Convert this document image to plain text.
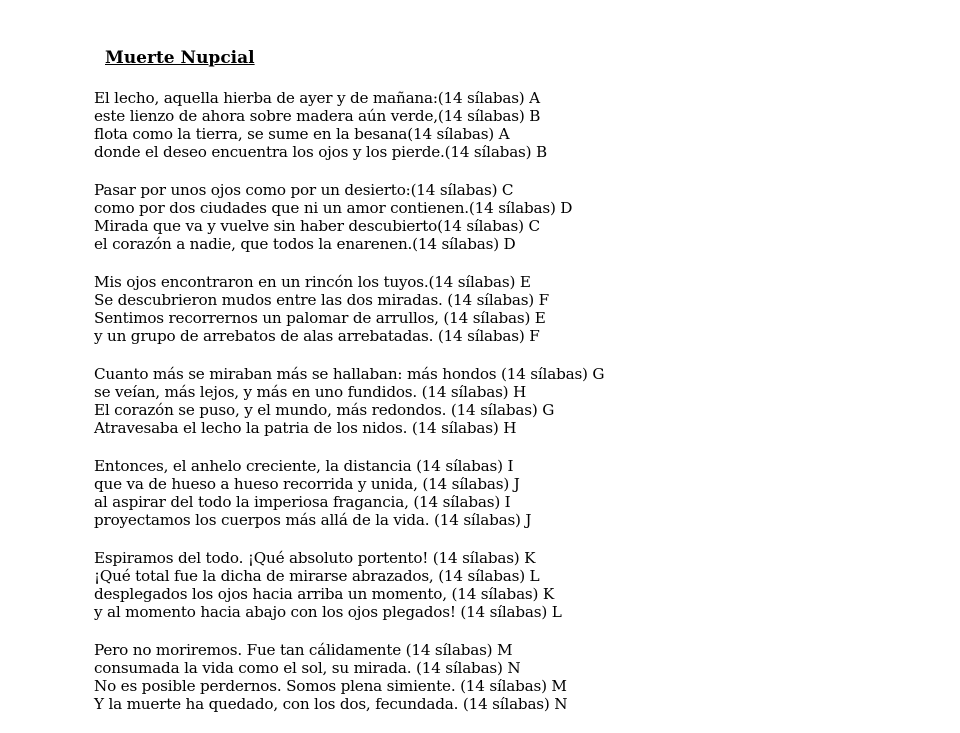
Muerte Nupcial
El lecho, aquella hierba de ayer y de mañana:(14 sílabas) A
este lienzo de ahora sobre madera aún verde,(14 sílabas) B
flota como la tierra, se sume en la besana(14 sílabas) A
donde el deseo encuentra los ojos y los pierde.(14 sílabas) B
Pasar por unos ojos como por un desierto:(14 sílabas) C
como por dos ciudades que ni un amor contienen.(14 sílabas) D
Mirada que va y vuelve sin haber descubierto(14 sílabas) C
el corazón a nadie, que todos la enarenen.(14 sílabas) D
Mis ojos encontraron en un rincón los tuyos.(14 sílabas) E
Se descubrieron mudos entre las dos miradas. (14 sílabas) F
Sentimos recorrernos un palomar de arrullos, (14 sílabas) E
y un grupo de arrebatos de alas arrebatadas. (14 sílabas) F
Cuanto más se miraban más se hallaban: más hondos (14 sílabas) G
se veían, más lejos, y más en uno fundidos. (14 sílabas) H
El corazón se puso, y el mundo, más redondos. (14 sílabas) G
Atravesaba el lecho la patria de los nidos. (14 sílabas) H
Entonces, el anhelo creciente, la distancia (14 sílabas) I
que va de hueso a hueso recorrida y unida, (14 sílabas) J
al aspirar del todo la imperiosa fragancia, (14 sílabas) I
proyectamos los cuerpos más allá de la vida. (14 sílabas) J
Espiramos del todo. ¡Qué absoluto portento! (14 sílabas) K
¡Qué total fue la dicha de mirarse abrazados, (14 sílabas) L
desplegados los ojos hacia arriba un momento, (14 sílabas) K
y al momento hacia abajo con los ojos plegados! (14 sílabas) L
Pero no moriremos. Fue tan cálidamente (14 sílabas) M
consumada la vida como el sol, su mirada. (14 sílabas) N
No es posible perdernos. Somos plena simiente. (14 sílabas) M
Y la muerte ha quedado, con los dos, fecundada. (14 sílabas) N
